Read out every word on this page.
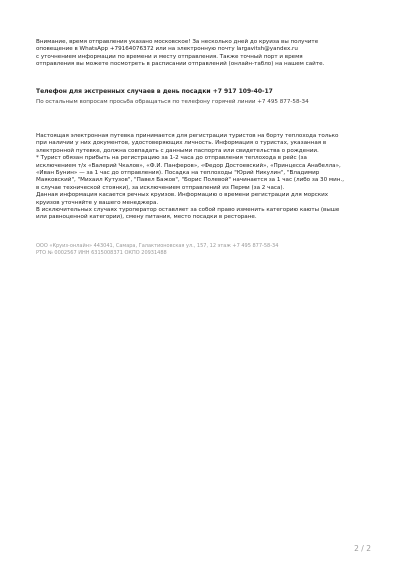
Внимание, время отправления указано московское! За несколько дней до круиза вы получите

оповещение в WhatsApp +79164076372 или на электронную почту largavitsh@yandex.ru

с уточнением информации по времени и месту отправления. Также точный порт и время

отправления вы можете посмотреть в расписании отправлений (онлайн-табло) на нашем сайте.

Телефон для экстренных случаев в день посадки +7 917 109-40-17

По остальным вопросам просьба обращаться по телефону горячей линии +7 495 877-58-34

Настоящая электронная путевка принимается для регистрации туристов на борту теплохода только

при наличии у них документов, удостоверяющих личность. Информация о туристах, указанная в

электронной путевке, должна совпадать с данными паспорта или свидетельства о рождении.

* Турист обязан прибыть на регистрацию за 1-2 часа до отправления теплохода в рейс (за

исключением т/х «Валерий Чкалов», «Ф.И. Панферов», «Федор Достоевский», «Принцесса Анабелла»,

«Иван Бунин» — за 1 час до отправления). Посадка на теплоходы "Юрий Никулин", "Владимир

Маяковский", "Михаил Кутузов", "Павел Бажов", "Борис Полевой" начинается за 1 час (либо за 30 мин.,

в случае технической стоянки), за исключением отправлений из Перми (за 2 часа).

Данная информация касается речных круизов. Информацию о времени регистрации для морских

круизов уточняйте у вашего менеджера.

В исключительных случаях туроператор оставляет за собой право изменить категорию каюты (выше

или равноценной категории), смену питания, место посадки в ресторане.

ООО «Круиз-онлайн» 443041, Самара, Галактионовская ул., 157, 12 этаж +7 495 877-58-34

РТО № 0002567 ИНН 6315008371 ОКПО 20931488

2 / 2
